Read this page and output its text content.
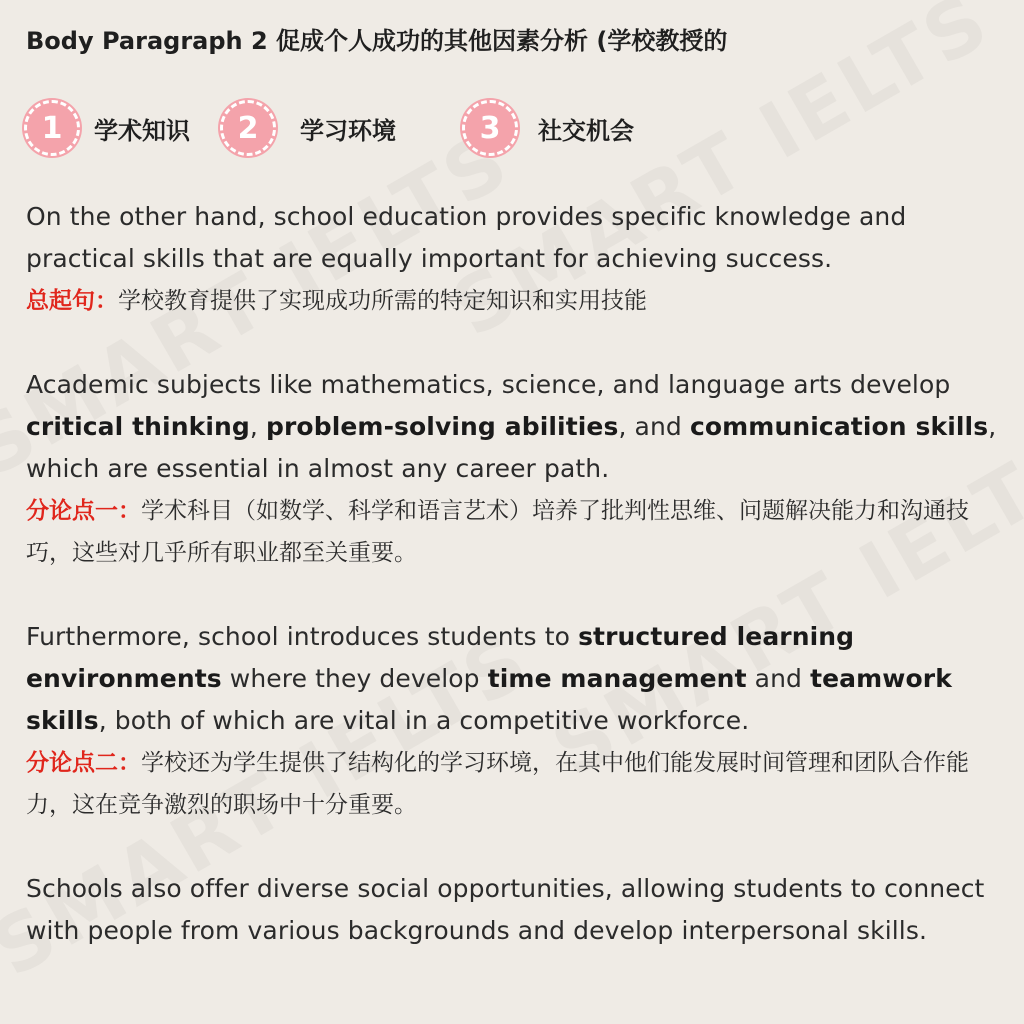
Body Paragraph 2 促成个人成功的其他因素分析 (学校教授的
1	学术知识	2	学习环境	3	社交机会
On the other hand, school education provides specific knowledge and practical skills that are equally important for achieving success.
总起句：学校教育提供了实现成功所需的特定知识和实用技能
Academic subjects like mathematics, science, and language arts develop critical thinking, problem-solving abilities, and communication skills, which are essential in almost any career path.
分论点一：学术科目（如数学、科学和语言艺术）培养了批判性思维、问题解决能力和沟通技巧，这些对几乎所有职业都至关重要。
Furthermore, school introduces students to structured learning environments where they develop time management and teamwork skills, both of which are vital in a competitive workforce.
分论点二：学校还为学生提供了结构化的学习环境，在其中他们能发展时间管理和团队合作能力，这在竞争激烈的职场中十分重要。
Schools also offer diverse social opportunities, allowing students to connect with people from various backgrounds and develop interpersonal skills.
